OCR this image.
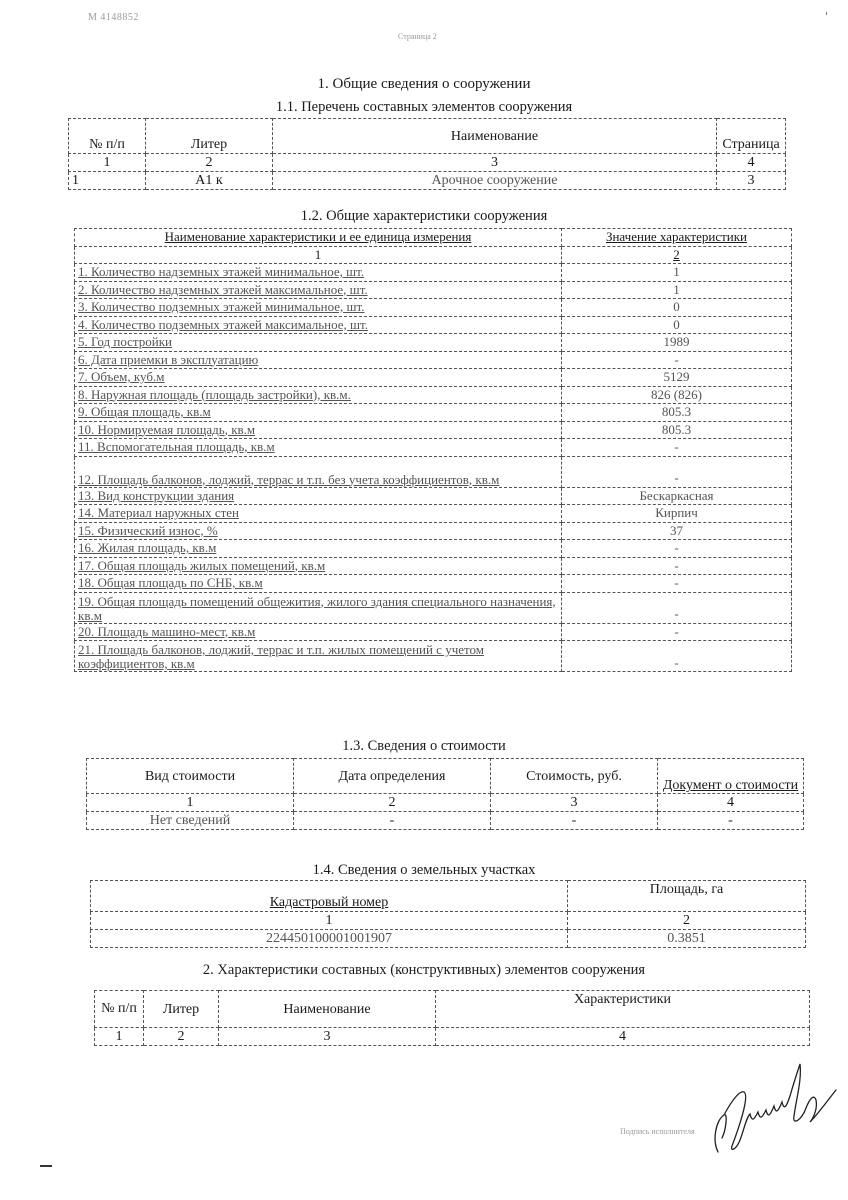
М 4148852
Страница 2
1. Общие сведения о сооружении
1.1. Перечень составных элементов сооружения
№ п/п	Литер	Наименование	Страница
1	2	3	4
1	А1 к	Арочное сооружение	3
1.2. Общие характеристики сооружения
Наименование характеристики и ее единица измерения	Значение характеристики
1	2
1. Количество надземных этажей минимальное, шт.	1
2. Количество надземных этажей максимальное, шт.	1
3. Количество подземных этажей минимальное, шт.	0
4. Количество подземных этажей максимальное, шт.	0
5. Год постройки	1989
6. Дата приемки в эксплуатацию	-
7. Объем, куб.м	5129
8. Наружная площадь (площадь застройки), кв.м.	826 (826)
9. Общая площадь, кв.м	805.3
10. Нормируемая площадь, кв.м	805.3
11. Вспомогательная площадь, кв.м	-
12. Площадь балконов, лоджий, террас и т.п. без учета коэффициентов, кв.м	-
13. Вид конструкции здания	Бескаркасная
14. Материал наружных стен	Кирпич
15. Физический износ, %	37
16. Жилая площадь, кв.м	-
17. Общая площадь жилых помещений, кв.м	-
18. Общая площадь по СНБ, кв.м	-
19. Общая площадь помещений общежития, жилого здания специального назначения, кв.м	-
20. Площадь машино-мест, кв.м	-
21. Площадь балконов, лоджий, террас и т.п. жилых помещений с учетом коэффициентов, кв.м	-
1.3. Сведения о стоимости
Вид стоимости	Дата определения	Стоимость, руб.	Документ о стоимости
1	2	3	4
Нет сведений	-	-	-
1.4. Сведения о земельных участках
Кадастровый номер	Площадь, га
1	2
224450100001001907	0.3851
2. Характеристики составных (конструктивных) элементов сооружения
№ п/п	Литер	Наименование	Характеристики
1	2	3	4
Подпись исполнителя
